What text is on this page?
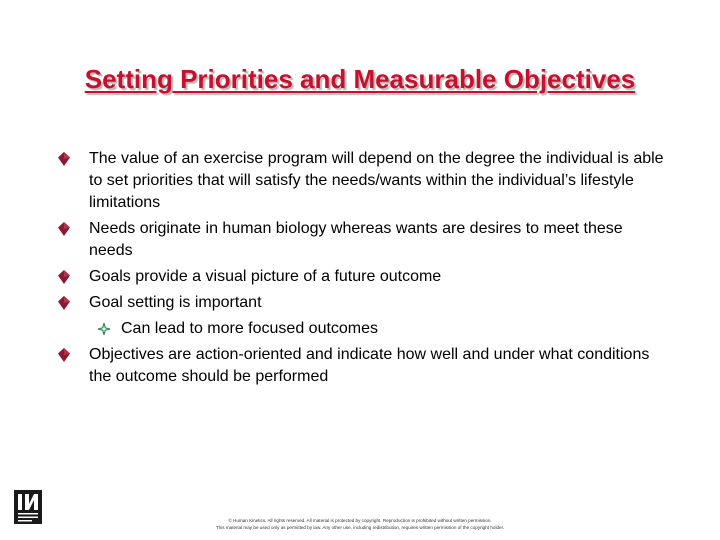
Setting Priorities and Measurable Objectives
The value of an exercise program will depend on the degree the individual is able to set priorities that will satisfy the needs/wants within the individual’s lifestyle limitations
Needs originate in human biology whereas wants are desires to meet these needs
Goals provide a visual picture of a future outcome
Goal setting is important
Can lead to more focused outcomes
Objectives are action-oriented and indicate how well and under what conditions the outcome should be performed
© Human Kinetics. All rights reserved. All material is protected by copyright. Reproduction is prohibited without written permission.
This material may be used only as permitted by law. Any other use, including redistribution, requires written permission of the copyright holder.
